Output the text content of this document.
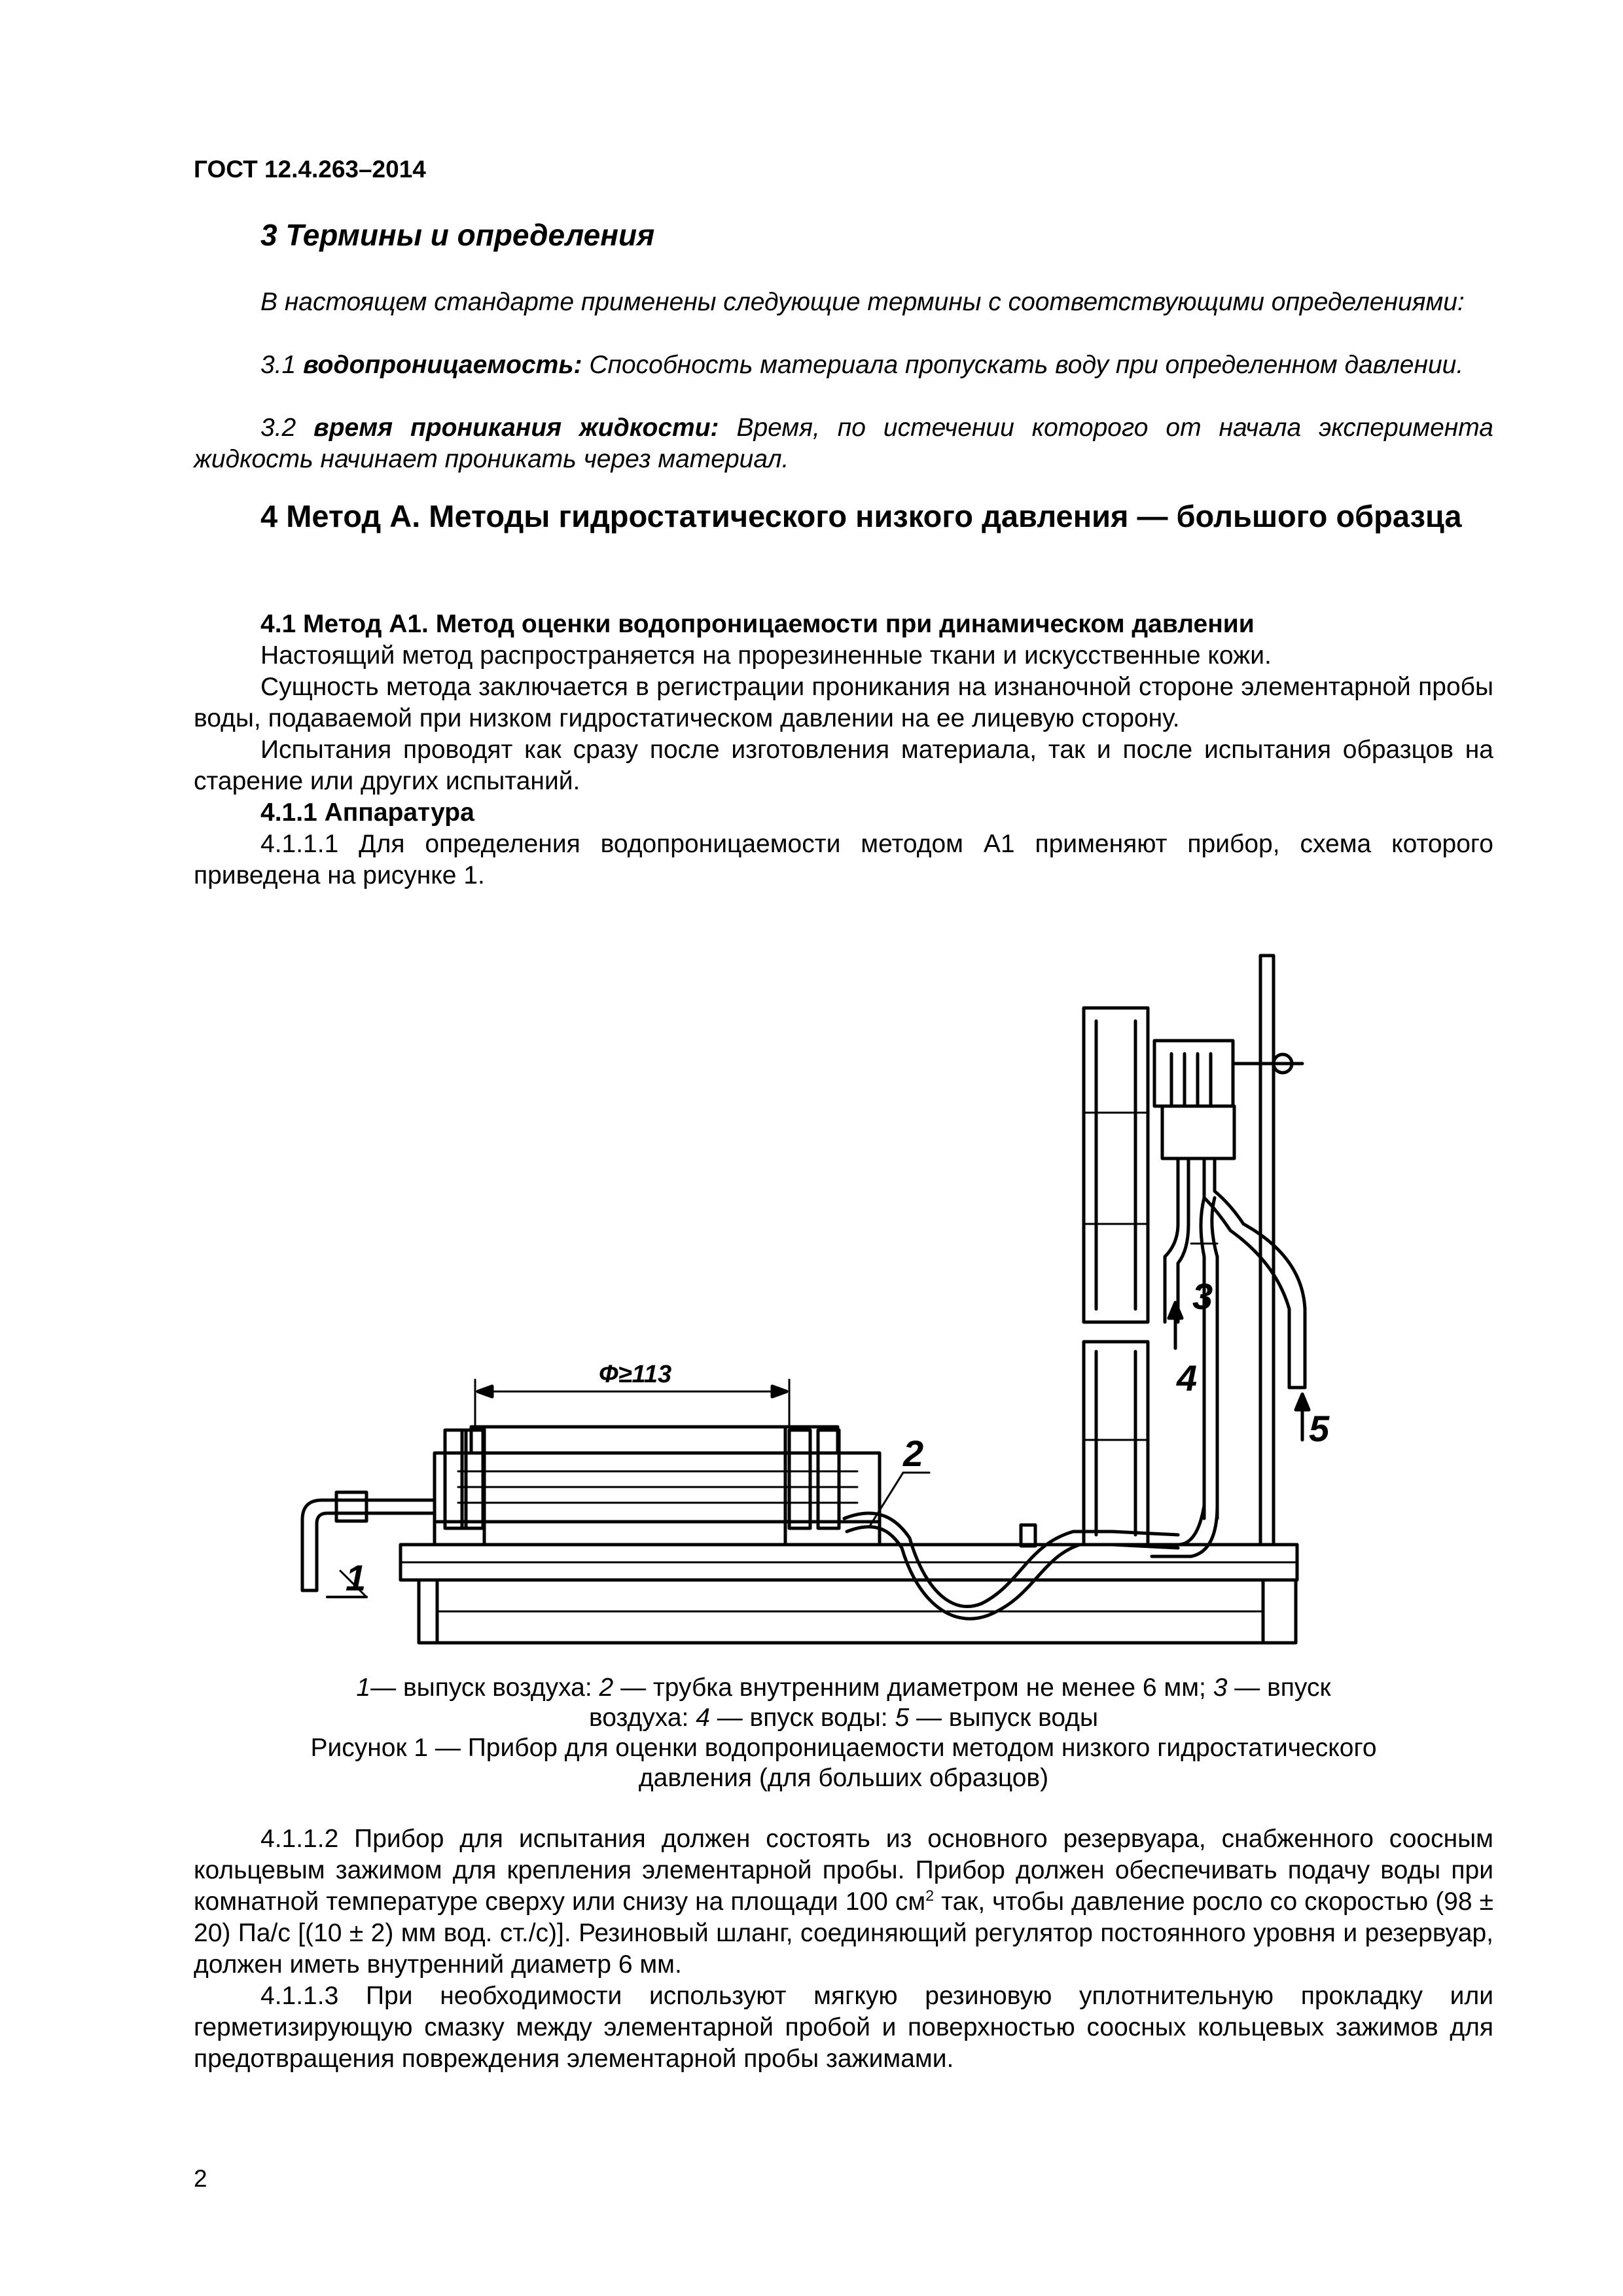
ГОСТ 12.4.263–2014
3 Термины и определения
В настоящем стандарте применены следующие термины с соответствующими определениями:
3.1 водопроницаемость: Способность материала пропускать воду при определенном давлении.
3.2 время проникания жидкости: Время, по истечении которого от начала эксперимента жидкость начинает проникать через материал.
4 Метод А. Методы гидростатического низкого давления — большого образца
4.1 Метод А1. Метод оценки водопроницаемости при динамическом давлении
Настоящий метод распространяется на прорезиненные ткани и искусственные кожи.
Сущность метода заключается в регистрации проникания на изнаночной стороне элементарной пробы воды, подаваемой при низком гидростатическом давлении на ее лицевую сторону.
Испытания проводят как сразу после изготовления материала, так и после испытания образцов на старение или других испытаний.
4.1.1 Аппаратура
4.1.1.1 Для определения водопроницаемости методом А1 применяют прибор, схема которого приведена на рисунке 1.
Ф≥113
1
2
3
4
5
1— выпуск воздуха: 2 — трубка внутренним диаметром не менее 6 мм; 3 — впуск воздуха: 4 — впуск воды: 5 — выпуск воды
Рисунок 1 — Прибор для оценки водопроницаемости методом низкого гидростатического давления (для больших образцов)
4.1.1.2 Прибор для испытания должен состоять из основного резервуара, снабженного соосным кольцевым зажимом для крепления элементарной пробы. Прибор должен обеспечивать подачу воды при комнатной температуре сверху или снизу на площади 100 $см^2$ так, чтобы давление росло со скоростью (98 ± 20) Па/с [(10 ± 2) мм вод. ст./с)]. Резиновый шланг, соединяющий регулятор постоянного уровня и резервуар, должен иметь внутренний диаметр 6 мм.
4.1.1.3 При необходимости используют мягкую резиновую уплотнительную прокладку или герметизирующую смазку между элементарной пробой и поверхностью соосных кольцевых зажимов для предотвращения повреждения элементарной пробы зажимами.
2
